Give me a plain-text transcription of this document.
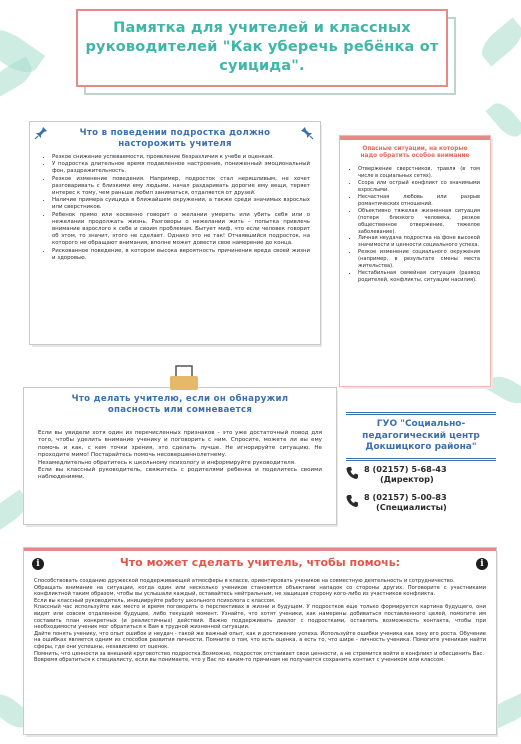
Памятка для учителей и классных руководителей "Как уберечь ребёнка от суицида".
Что в поведении подростка должно насторожить учителя
• Резкое снижение успеваемости, проявление безразличия к учебе и оценкам.
• У подростка длительное время подавленное настроение, пониженный эмоциональный фон, раздражительность.
• Резкое изменение поведения. Например, подросток стал неряшливым, не хочет разговаривать с близкими ему людьми, начал раздаривать дорогие ему вещи, теряет интерес к тому, чем раньше любил заниматься, отдаляется от друзей.
• Наличие примера суицида в ближайшем окружении, а также среди значимых взрослых или сверстников.
• Ребенок прямо или косвенно говорит о желании умереть или убить себя или о нежелании продолжать жизнь. Разговоры о нежелании жить – попытка привлечь внимание взрослого к себе и своим проблемам. Бытует миф, что если человек говорит об этом, то значит, этого не сделает. Однако это не так! Отчаявшийся подросток, на которого не обращают внимания, вполне может довести свое намерение до конца.
• Рискованное поведение, в котором высока вероятность причинения вреда своей жизни и здоровью.
Опасные ситуации, на которые надо обратить особое внимание
• Отвержение сверстников, травля (в том числе в социальных сетях).
• Ссора или острый конфликт со значимыми взрослыми.
• Несчастная любовь или разрыв романтических отношений.
• Объективно тяжелая жизненная ситуация (потеря близкого человека, резкое общественное отвержение, тяжелое заболевание).
• Личная неудача подростка на фоне высокой значимости и ценности социального успеха.
• Резкое изменение социального окружения (например, в результате смены места жительства).
• Нестабильная семейная ситуация (развод родителей, конфликты, ситуации насилия).
Что делать учителю, если он обнаружил опасность или сомневается

Если вы увидели хотя один из перечисленных признаков – это уже достаточный повод для того, чтобы уделить внимание ученику и поговорить с ним. Спросите, можете ли вы ему помочь и как, с кем точки зрения, это сделать лучше. Не игнорируйте ситуацию. Не проходите мимо! Постарайтесь помочь несовершеннолетнему.

Незамедлительно обратитесь к школьному психологу и информируйте руководителя.

Если вы классный руководитель, свяжитесь с родителями ребенка и поделитесь своими наблюдениями.

ГУО "Социально-педагогический центр Докшицкого района"
8 (02157) 5-68-43
(Директор)
8 (02157) 5-00-83
(Специалисты)
i	i
Что может сделать учитель, чтобы помочь:

Способствовать созданию дружеской поддерживающей атмосферы в классе, ориентировать учеников на совместную деятельность и сотрудничество.

Обращать внимание на ситуации, когда один или несколько учеников становятся объектами нападок со стороны других. Поговорите с участниками конфликтной таким образом, чтобы вы услышали каждый, оставайтесь нейтральным, не защищая сторону кого-либо из участников конфликта.

Если вы классный руководитель, инициируйте работу школьного психолога с классом.

Классный час используйте как место и время поговорить о перспективах в жизни и будущем. У подростков еще только формируется картина будущего, они видят или совсем отдаленное будущее, либо текущий момент. Узнайте, что хотят ученики, как намерены добиваться поставленного целей, помогите им составить план конкретных (и реалистичных) действий. Важно поддерживать диалог с подростками, оставлять возможность контакта, чтобы при необходимости ученик мог обратиться к Вам в трудной жизненной ситуации.

Дайте понять ученику, что опыт ошибок и неудач - такой же важный опыт, как и достижение успеха. Используйте ошибки ученика как зону его роста. Обучение на ошибках является одним из способов развития личности. Помните о том, что есть оценка, а есть то, что шире - личность ученика. Помогите ученикам найти сферы, где они успешны, независимо от оценок.

Помнить, что ценности за внешний круговотство подростка.Возможно, подросток отстаивает свои ценности, а не стремится войти в конфликт и обесценить Вас.

Вовремя обратиться к специалисту, если вы понимаете, что у Вас по каким-то причинам не получается сохранить контакт с учеником или классом.
